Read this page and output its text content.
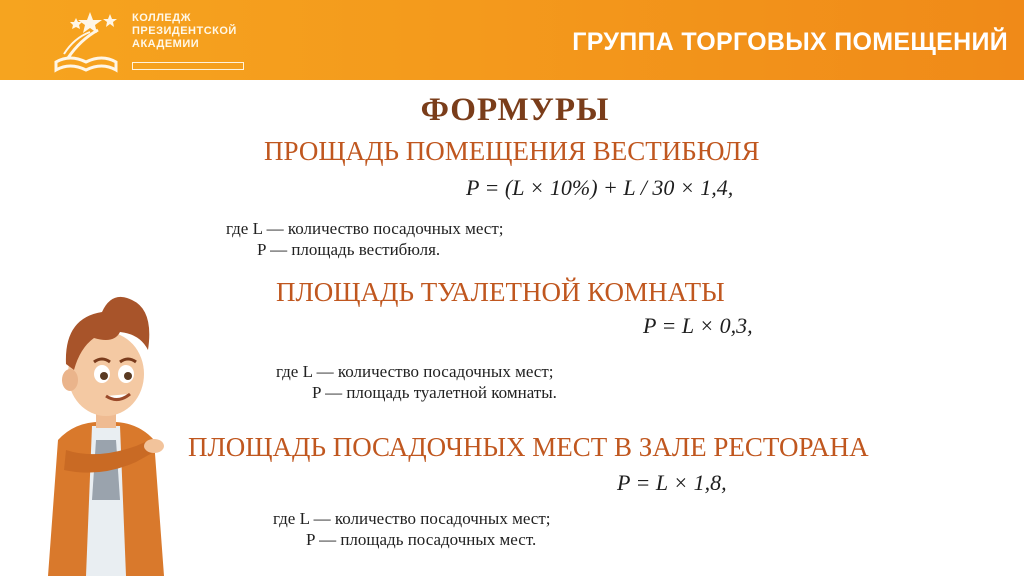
КОЛЛЕДЖ
ПРЕЗИДЕНТСКОЙ
АКАДЕМИИ	ГРУППА ТОРГОВЫХ ПОМЕЩЕНИЙ
ФОРМУРЫ
ПРОЩАДЬ ПОМЕЩЕНИЯ ВЕСТИБЮЛЯ
P = (L × 10%) + L / 30 × 1,4,
где L — количество посадочных мест;
P — площадь вестибюля.
ПЛОЩАДЬ ТУАЛЕТНОЙ КОМНАТЫ
P = L × 0,3,
где L — количество посадочных мест;
P — площадь туалетной комнаты.
ПЛОЩАДЬ ПОСАДОЧНЫХ МЕСТ В ЗАЛЕ РЕСТОРАНА
P = L × 1,8,
где L — количество посадочных мест;
P — площадь посадочных мест.
